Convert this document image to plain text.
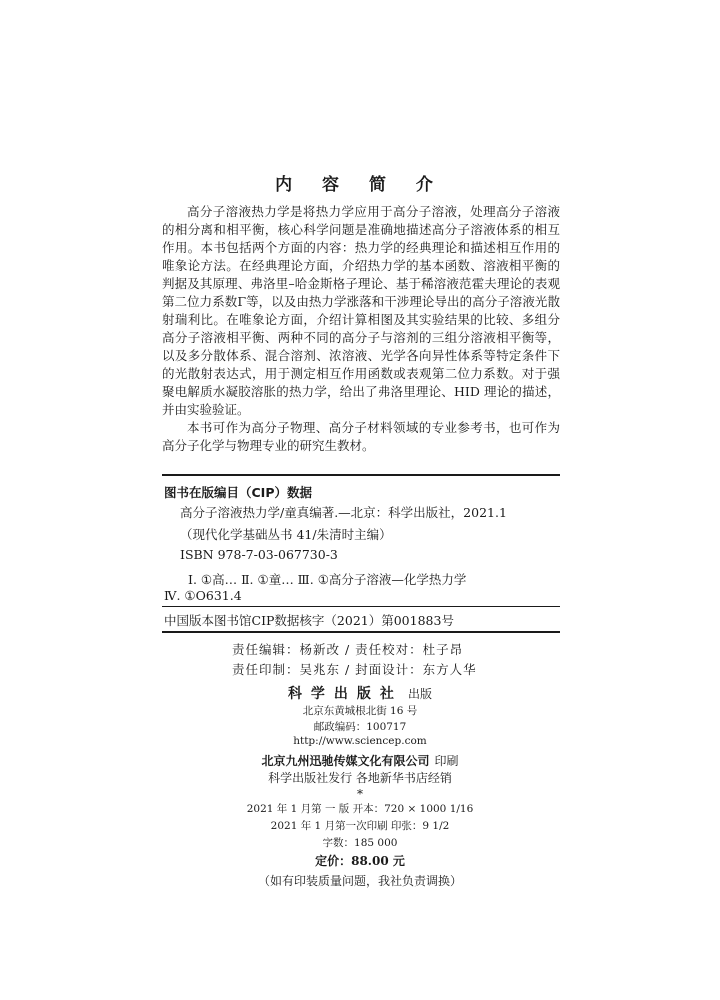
内 容 简 介

高分子溶液热力学是将热力学应用于高分子溶液，处理高分子溶液的相分离和相平衡，核心科学问题是准确地描述高分子溶液体系的相互作用。本书包括两个方面的内容：热力学的经典理论和描述相互作用的唯象论方法。在经典理论方面，介绍热力学的基本函数、溶液相平衡的判据及其原理、弗洛里–哈金斯格子理论、基于稀溶液范霍夫理论的表观第二位力系数Γ等，以及由热力学涨落和干涉理论导出的高分子溶液光散射瑞利比。在唯象论方面，介绍计算相图及其实验结果的比较、多组分高分子溶液相平衡、两种不同的高分子与溶剂的三组分溶液相平衡等，以及多分散体系、混合溶剂、浓溶液、光学各向异性体系等特定条件下的光散射表达式，用于测定相互作用函数或表观第二位力系数。对于强聚电解质水凝胶溶胀的热力学，给出了弗洛里理论、HID 理论的描述，并由实验验证。

本书可作为高分子物理、高分子材料领域的专业参考书，也可作为高分子化学与物理专业的研究生教材。

图书在版编目（CIP）数据
高分子溶液热力学/童真编著.—北京：科学出版社，2021.1
（现代化学基础丛书 41/朱清时主编）
ISBN 978-7-03-067730-3
Ⅰ. ①高… Ⅱ. ①童… Ⅲ. ①高分子溶液—化学热力学
Ⅳ. ①O631.4
中国版本图书馆CIP数据核字（2021）第001883号
责任编辑：杨新改 / 责任校对：杜子昂
责任印制：吴兆东 / 封面设计：东方人华
科学出版社 出版
北京东黄城根北街 16 号
邮政编码：100717
http://www.sciencep.com
北京九州迅驰传媒文化有限公司 印刷
科学出版社发行 各地新华书店经销
*
2021 年 1 月第 一 版 开本：720 × 1000 1/16
2021 年 1 月第一次印刷 印张：9 1/2
字数：185 000
定价：88.00 元
（如有印装质量问题，我社负责调换）
